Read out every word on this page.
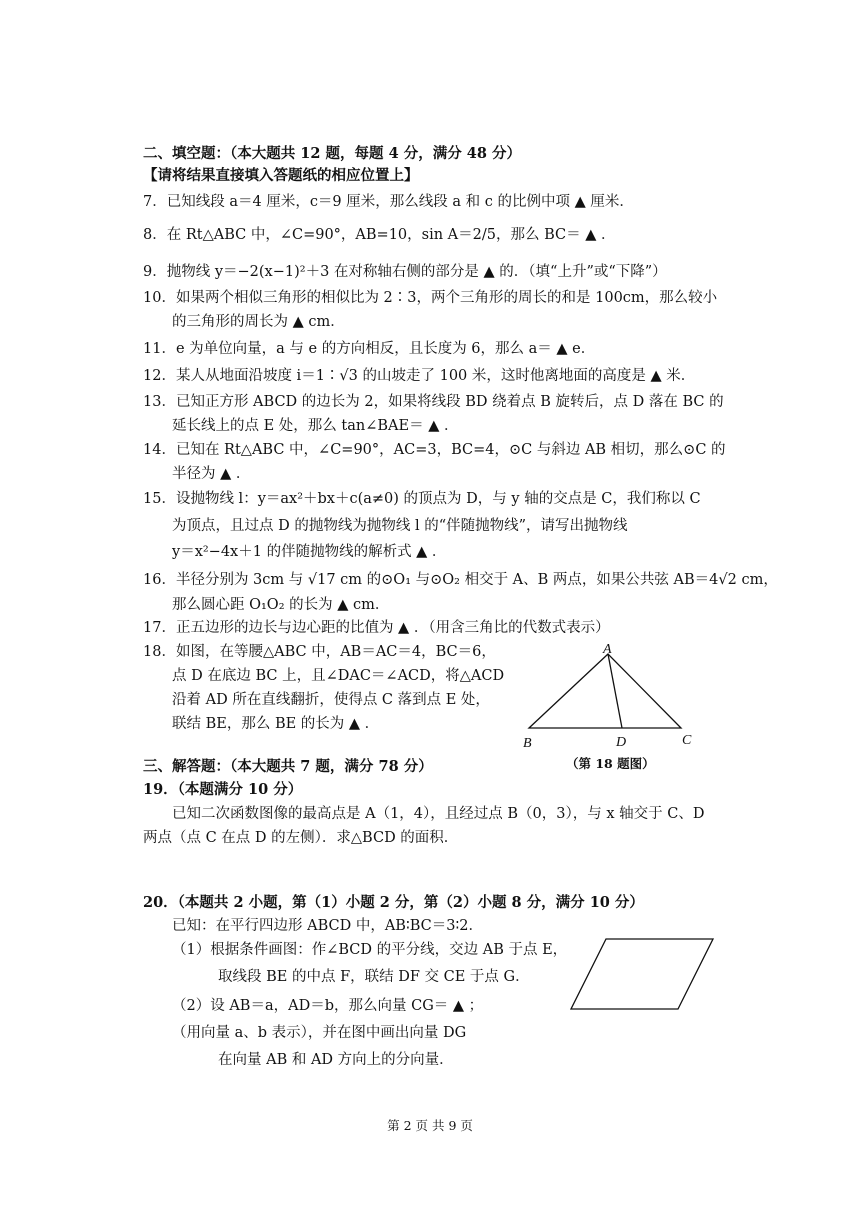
二、填空题：（本大题共 12 题，每题 4 分，满分 48 分）
【请将结果直接填入答题纸的相应位置上】
7．已知线段 a＝4 厘米，c＝9 厘米，那么线段 a 和 c 的比例中项 ▲ 厘米．
8．在 Rt△ABC 中，∠C=90°，AB=10，sin A＝2/5，那么 BC＝ ▲ ．
9．抛物线 y＝−2(x−1)²＋3 在对称轴右侧的部分是 ▲ 的．（填“上升”或“下降”）
10．如果两个相似三角形的相似比为 2∶3，两个三角形的周长的和是 100cm，那么较小
的三角形的周长为 ▲ cm．
11．e 为单位向量，a 与 e 的方向相反，且长度为 6，那么 a＝ ▲ e．
12．某人从地面沿坡度 i＝1∶√3 的山坡走了 100 米，这时他离地面的高度是 ▲ 米．
13．已知正方形 ABCD 的边长为 2，如果将线段 BD 绕着点 B 旋转后，点 D 落在 BC 的
延长线上的点 E 处，那么 tan∠BAE＝ ▲ ．
14．已知在 Rt△ABC 中，∠C=90°，AC=3，BC=4，⊙C 与斜边 AB 相切，那么⊙C 的
半径为 ▲ ．
15．设抛物线 l：y＝ax²＋bx＋c(a≠0) 的顶点为 D，与 y 轴的交点是 C，我们称以 C
为顶点，且过点 D 的抛物线为抛物线 l 的“伴随抛物线”，请写出抛物线
y＝x²−4x＋1 的伴随抛物线的解析式 ▲ ．
16．半径分别为 3cm 与 √17 cm 的⊙O₁ 与⊙O₂ 相交于 A、B 两点，如果公共弦 AB＝4√2 cm，
那么圆心距 O₁O₂ 的长为 ▲ cm．
17．正五边形的边长与边心距的比值为 ▲ ．（用含三角比的代数式表示）
18．如图，在等腰△ABC 中，AB＝AC＝4，BC＝6，
点 D 在底边 BC 上，且∠DAC＝∠ACD，将△ACD
沿着 AD 所在直线翻折，使得点 C 落到点 E 处，
联结 BE，那么 BE 的长为 ▲ ．
A
B	D	C
（第 18 题图）
三、解答题：（本大题共 7 题，满分 78 分）
19．（本题满分 10 分）
已知二次函数图像的最高点是 A（1，4），且经过点 B（0，3），与 x 轴交于 C、D
两点（点 C 在点 D 的左侧）．求△BCD 的面积．
20．（本题共 2 小题，第（1）小题 2 分，第（2）小题 8 分，满分 10 分）
已知：在平行四边形 ABCD 中，AB∶BC＝3∶2．
（1）根据条件画图：作∠BCD 的平分线，交边 AB 于点 E，
取线段 BE 的中点 F，联结 DF 交 CE 于点 G．
（2）设 AB＝a，AD＝b，那么向量 CG＝ ▲ ；
（用向量 a、b 表示），并在图中画出向量 DG
在向量 AB 和 AD 方向上的分向量．
第 2 页 共 9 页
